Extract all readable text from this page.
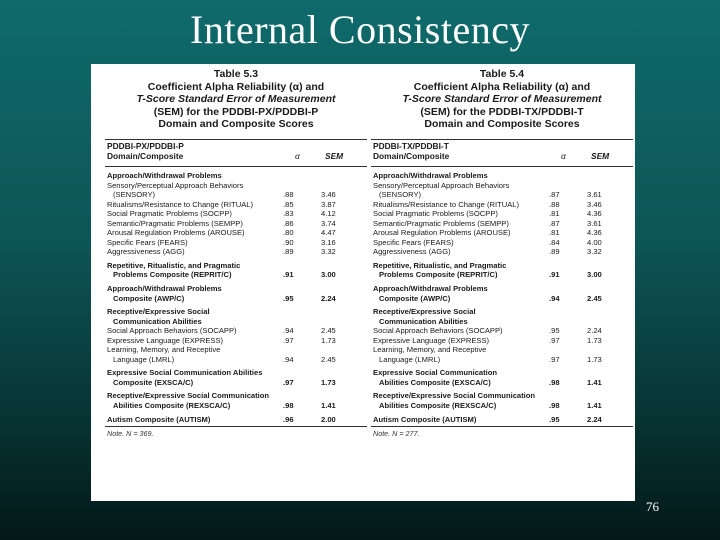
Internal Consistency
Table 5.3
Coefficient Alpha Reliability (α) and
T-Score Standard Error of Measurement
(SEM) for the PDDBI-PX/PDDBI-P
Domain and Composite Scores
PDDBI-PX/PDDBI-P
Domain/Composite	α	SEM
Approach/Withdrawal Problems
Sensory/Perceptual Approach Behaviors
(SENSORY)	.88	3.46
Ritualisms/Resistance to Change (RITUAL)	.85	3.87
Social Pragmatic Problems (SOCPP)	.83	4.12
Semantic/Pragmatic Problems (SEMPP)	.86	3.74
Arousal Regulation Problems (AROUSE)	.80	4.47
Specific Fears (FEARS)	.90	3.16
Aggressiveness (AGG)	.89	3.32
Repetitive, Ritualistic, and Pragmatic
Problems Composite (REPRIT/C)	.91	3.00
Approach/Withdrawal Problems
Composite (AWP/C)	.95	2.24
Receptive/Expressive Social
Communication Abilities
Social Approach Behaviors (SOCAPP)	.94	2.45
Expressive Language (EXPRESS)	.97	1.73
Learning, Memory, and Receptive
Language (LMRL)	.94	2.45
Expressive Social Communication Abilities
Composite (EXSCA/C)	.97	1.73
Receptive/Expressive Social Communication
Abilities Composite (REXSCA/C)	.98	1.41
Autism Composite (AUTISM)	.96	2.00
Note. N = 369.
Table 5.4
Coefficient Alpha Reliability (α) and
T-Score Standard Error of Measurement
(SEM) for the PDDBI-TX/PDDBI-T
Domain and Composite Scores
PDDBI-TX/PDDBI-T
Domain/Composite	α	SEM
Approach/Withdrawal Problems
Sensory/Perceptual Approach Behaviors
(SENSORY)	.87	3.61
Ritualisms/Resistance to Change (RITUAL)	.88	3.46
Social Pragmatic Problems (SOCPP)	.81	4.36
Semantic/Pragmatic Problems (SEMPP)	.87	3.61
Arousal Regulation Problems (AROUSE)	.81	4.36
Specific Fears (FEARS)	.84	4.00
Aggressiveness (AGG)	.89	3.32
Repetitive, Ritualistic, and Pragmatic
Problems Composite (REPRIT/C)	.91	3.00
Approach/Withdrawal Problems
Composite (AWP/C)	.94	2.45
Receptive/Expressive Social
Communication Abilities
Social Approach Behaviors (SOCAPP)	.95	2.24
Expressive Language (EXPRESS)	.97	1.73
Learning, Memory, and Receptive
Language (LMRL)	.97	1.73
Expressive Social Communication
Abilities Composite (EXSCA/C)	.98	1.41
Receptive/Expressive Social Communication
Abilities Composite (REXSCA/C)	.98	1.41
Autism Composite (AUTISM)	.95	2.24
Note. N = 277.
76
